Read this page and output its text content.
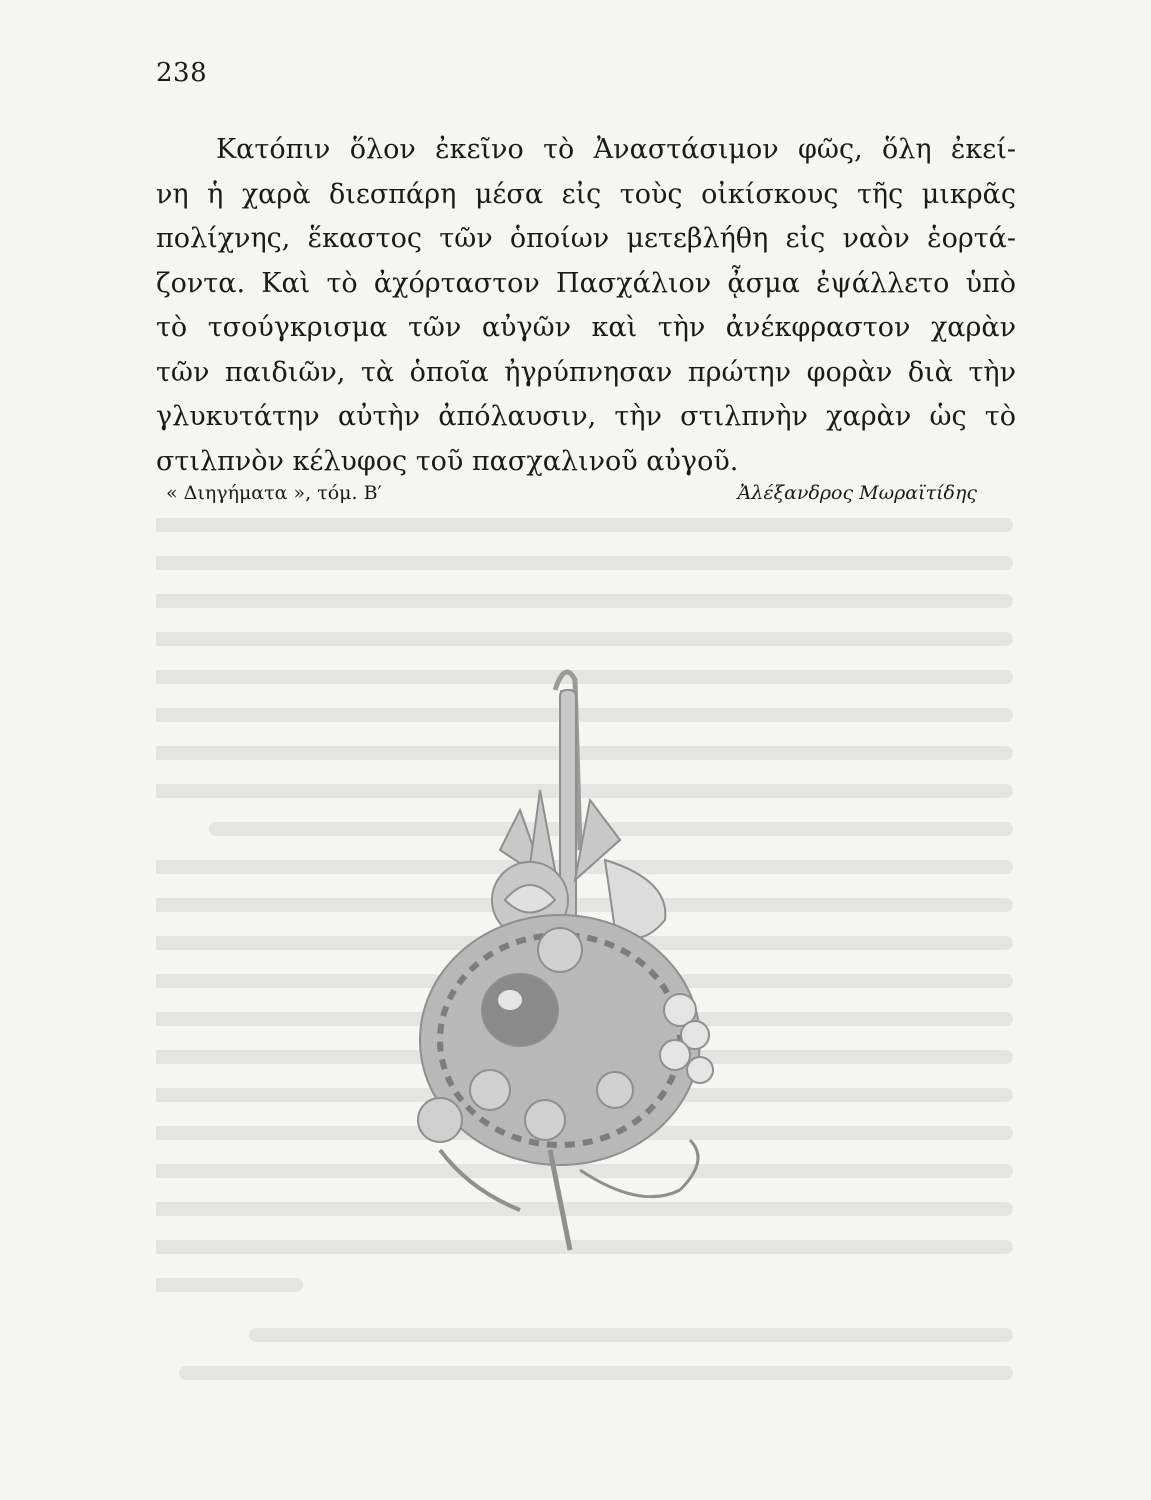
238
Κατόπιν ὅλον ἐκεῖνο τὸ Ἀναστάσιμον φῶς, ὅλη ἐκεί-
νη ἡ χαρὰ διεσπάρη μέσα εἰς τοὺς οἰκίσκους τῆς μικρᾶς
πολίχνης, ἕκαστος τῶν ὁποίων μετεβλήθη εἰς ναὸν ἑορτά-
ζοντα. Καὶ τὸ ἀχόρταστον Πασχάλιον ᾆσμα ἐψάλλετο ὑπὸ
τὸ τσούγκρισμα τῶν αὐγῶν καὶ τὴν ἀνέκφραστον χαρὰν
τῶν παιδιῶν, τὰ ὁποῖα ἠγρύπνησαν πρώτην φορὰν διὰ τὴν
γλυκυτάτην αὐτὴν ἀπόλαυσιν, τὴν στιλπνὴν χαρὰν ὡς τὸ
στιλπνὸν κέλυφος τοῦ πασχαλινοῦ αὐγοῦ.
« Διηγήματα », τόμ. Β′	Ἀλέξανδρος Μωραϊτίδης
